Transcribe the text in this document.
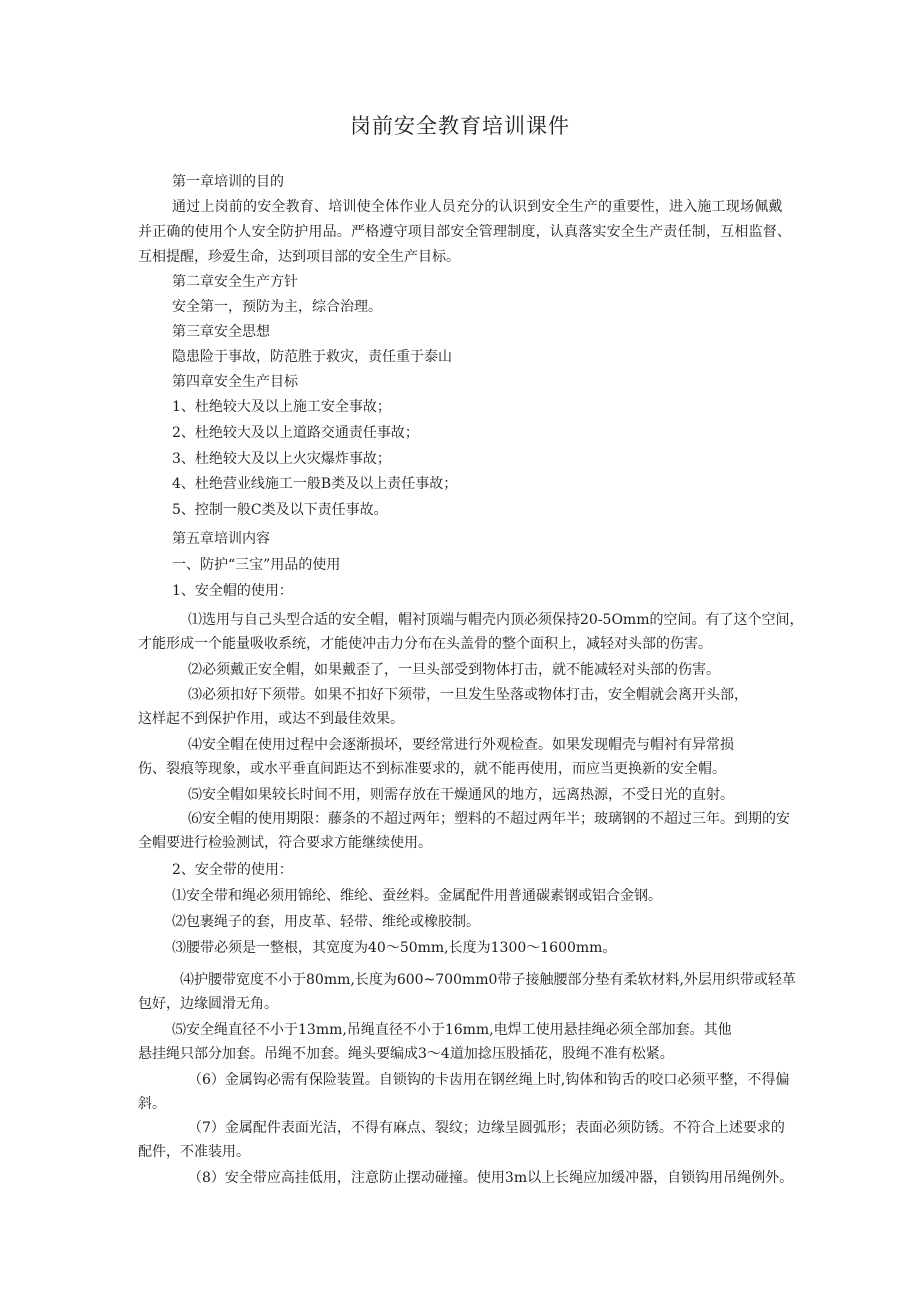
岗前安全教育培训课件
第一章培训的目的
通过上岗前的安全教育、培训使全体作业人员充分的认识到安全生产的重要性，进入施工现场佩戴
并正确的使用个人安全防护用品。严格遵守项目部安全管理制度，认真落实安全生产责任制，互相监督、
互相提醒，珍爱生命，达到项目部的安全生产目标。
第二章安全生产方针
安全第一，预防为主，综合治理。
第三章安全思想
隐患险于事故，防范胜于救灾，责任重于泰山
第四章安全生产目标
1、杜绝较大及以上施工安全事故；
2、杜绝较大及以上道路交通责任事故；
3、杜绝较大及以上火灾爆炸事故；
4、杜绝营业线施工一般B类及以上责任事故；
5、控制一般C类及以下责任事故。
第五章培训内容
一、防护“三宝”用品的使用
1、安全帽的使用：
⑴选用与自己头型合适的安全帽，帽衬顶端与帽壳内顶必须保持20-5Omm的空间。有了这个空间，
才能形成一个能量吸收系统，才能使冲击力分布在头盖骨的整个面积上，减轻对头部的伤害。
⑵必须戴正安全帽，如果戴歪了，一旦头部受到物体打击，就不能减轻对头部的伤害。
⑶必须扣好下须带。如果不扣好下须带，一旦发生坠落或物体打击，安全帽就会离开头部，
这样起不到保护作用，或达不到最佳效果。
⑷安全帽在使用过程中会逐渐损坏，要经常进行外观检查。如果发现帽壳与帽衬有异常损
伤、裂痕等现象，或水平垂直间距达不到标准要求的，就不能再使用，而应当更换新的安全帽。
⑸安全帽如果较长时间不用，则需存放在干燥通风的地方，远离热源，不受日光的直射。
⑹安全帽的使用期限：藤条的不超过两年；塑料的不超过两年半；玻璃钢的不超过三年。到期的安
全帽要进行检验测试，符合要求方能继续使用。
2、安全带的使用：
⑴安全带和绳必须用锦纶、维纶、蚕丝料。金属配件用普通碳素钢或铝合金钢。
⑵包裹绳子的套，用皮革、轻带、维纶或橡胶制。
⑶腰带必须是一整根，其宽度为40〜50mm,长度为1300〜1600mm。
⑷护腰带宽度不小于80mm,长度为600~700mm0带子接触腰部分垫有柔软材料,外层用织带或轻革
包好，边缘圆滑无角。
⑸安全绳直径不小于13mm,吊绳直径不小于16mm,电焊工使用悬挂绳必须全部加套。其他
悬挂绳只部分加套。吊绳不加套。绳头要编成3〜4道加捻压股插花，股绳不准有松紧。
（6）金属钩必需有保险装置。自锁钩的卡齿用在钢丝绳上时,钩体和钩舌的咬口必须平整，不得偏
斜。
（7）金属配件表面光洁，不得有麻点、裂纹；边缘呈圆弧形；表面必须防锈。不符合上述要求的
配件，不准装用。
（8）安全带应高挂低用，注意防止摆动碰撞。使用3m以上长绳应加缓冲器，自锁钩用吊绳例外。
